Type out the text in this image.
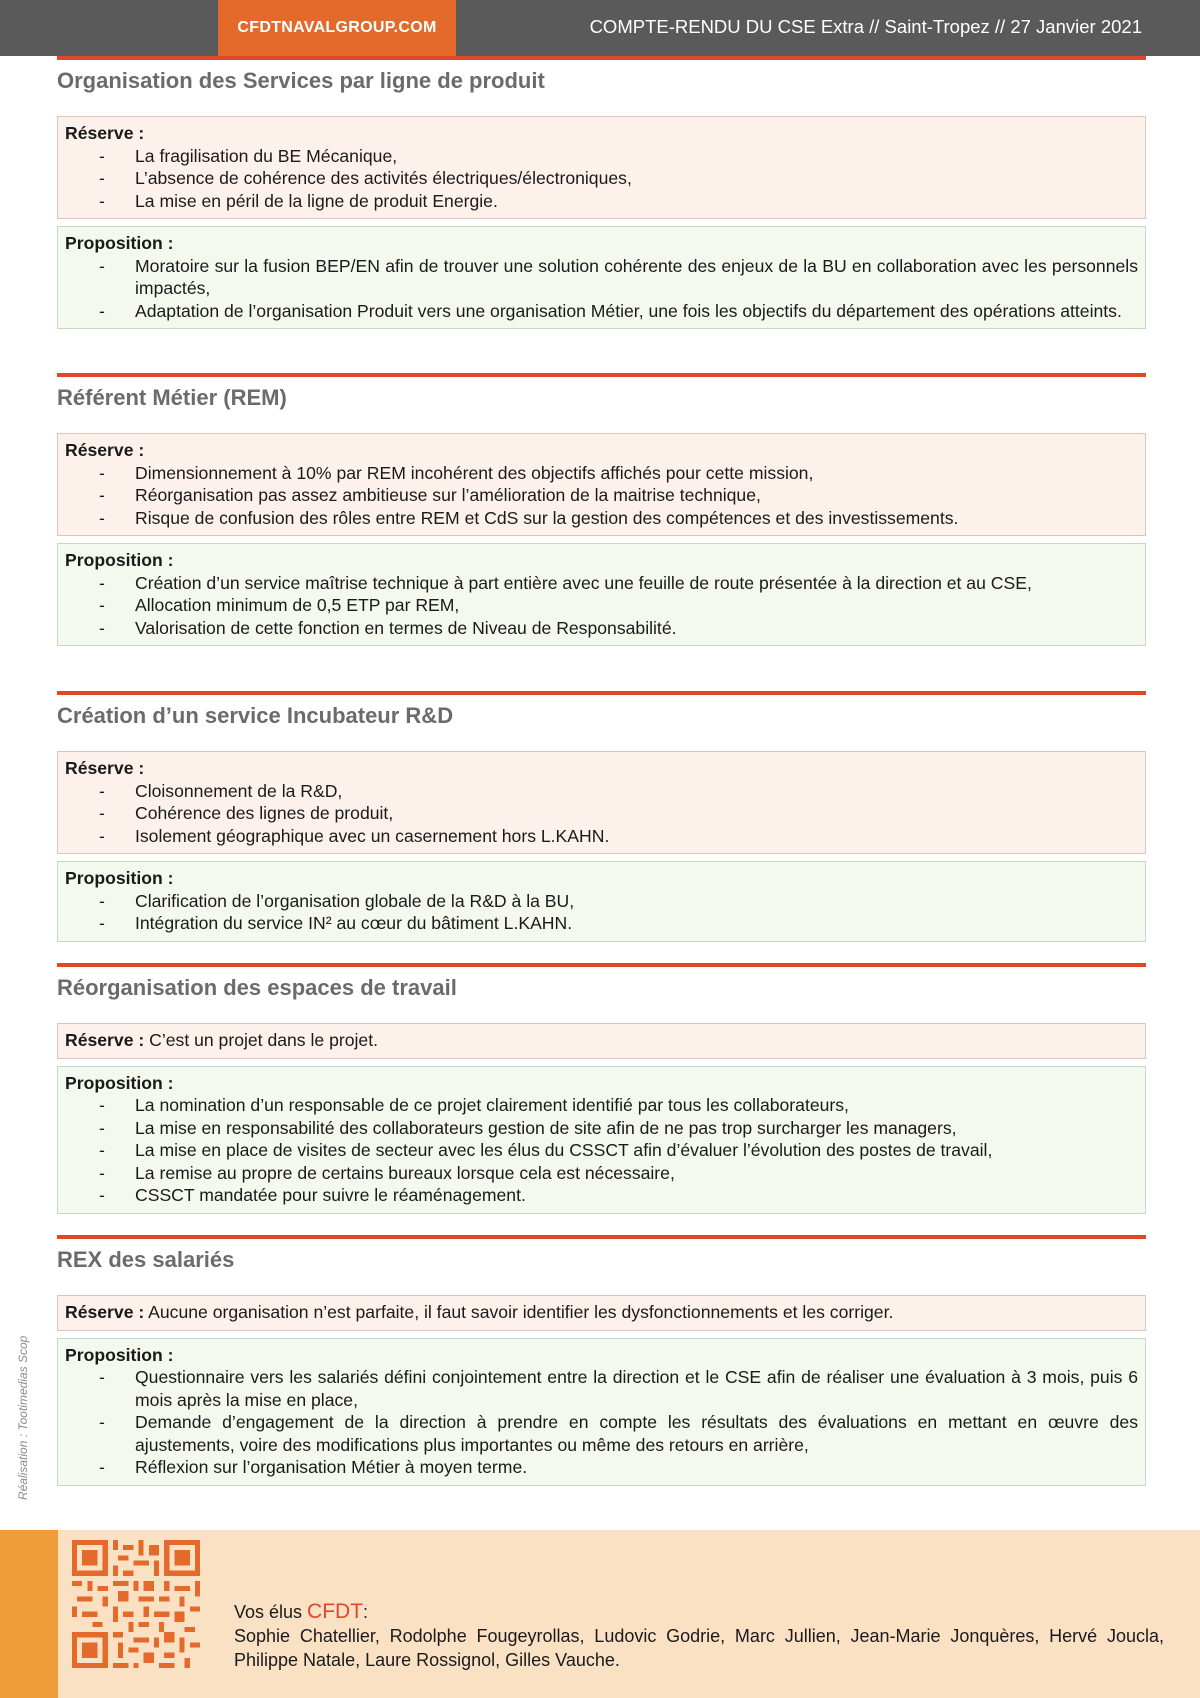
CFDTNAVALGROUP.COM	COMPTE-RENDU DU CSE Extra // Saint-Tropez // 27 Janvier 2021
Organisation des Services par ligne de produit
Réserve :
- La fragilisation du BE Mécanique,
- L’absence de cohérence des activités électriques/électroniques,
- La mise en péril de la ligne de produit Energie.
Proposition :
- Moratoire sur la fusion BEP/EN afin de trouver une solution cohérente des enjeux de la BU en collaboration avec les personnels impactés,
- Adaptation de l’organisation Produit vers une organisation Métier, une fois les objectifs du département des opérations atteints.
Référent Métier (REM)
Réserve :
- Dimensionnement à 10% par REM incohérent des objectifs affichés pour cette mission,
- Réorganisation pas assez ambitieuse sur l’amélioration de la maitrise technique,
- Risque de confusion des rôles entre REM et CdS sur la gestion des compétences et des investissements.
Proposition :
- Création d’un service maîtrise technique à part entière avec une feuille de route présentée à la direction et au CSE,
- Allocation minimum de 0,5 ETP par REM,
- Valorisation de cette fonction en termes de Niveau de Responsabilité.
Création d’un service Incubateur R&D
Réserve :
- Cloisonnement de la R&D,
- Cohérence des lignes de produit,
- Isolement géographique avec un casernement hors L.KAHN.
Proposition :
- Clarification de l’organisation globale de la R&D à la BU,
- Intégration du service IN² au cœur du bâtiment L.KAHN.
Réorganisation des espaces de travail
Réserve : C’est un projet dans le projet.
Proposition :
- La nomination d’un responsable de ce projet clairement identifié par tous les collaborateurs,
- La mise en responsabilité des collaborateurs gestion de site afin de ne pas trop surcharger les managers,
- La mise en place de visites de secteur avec les élus du CSSCT afin d’évaluer l’évolution des postes de travail,
- La remise au propre de certains bureaux lorsque cela est nécessaire,
- CSSCT mandatée pour suivre le réaménagement.
REX des salariés
Réserve : Aucune organisation n’est parfaite, il faut savoir identifier les dysfonctionnements et les corriger.
Proposition :
- Questionnaire vers les salariés défini conjointement entre la direction et le CSE afin de réaliser une évaluation à 3 mois, puis 6 mois après la mise en place,
- Demande d’engagement de la direction à prendre en compte les résultats des évaluations en mettant en œuvre des ajustements, voire des modifications plus importantes ou même des retours en arrière,
- Réflexion sur l’organisation Métier à moyen terme.
Réalisation : Tootimedias Scop
Vos élus CFDT:
Sophie Chatellier, Rodolphe Fougeyrollas, Ludovic Godrie, Marc Jullien, Jean-Marie Jonquères, Hervé Joucla, Philippe Natale, Laure Rossignol, Gilles Vauche.
